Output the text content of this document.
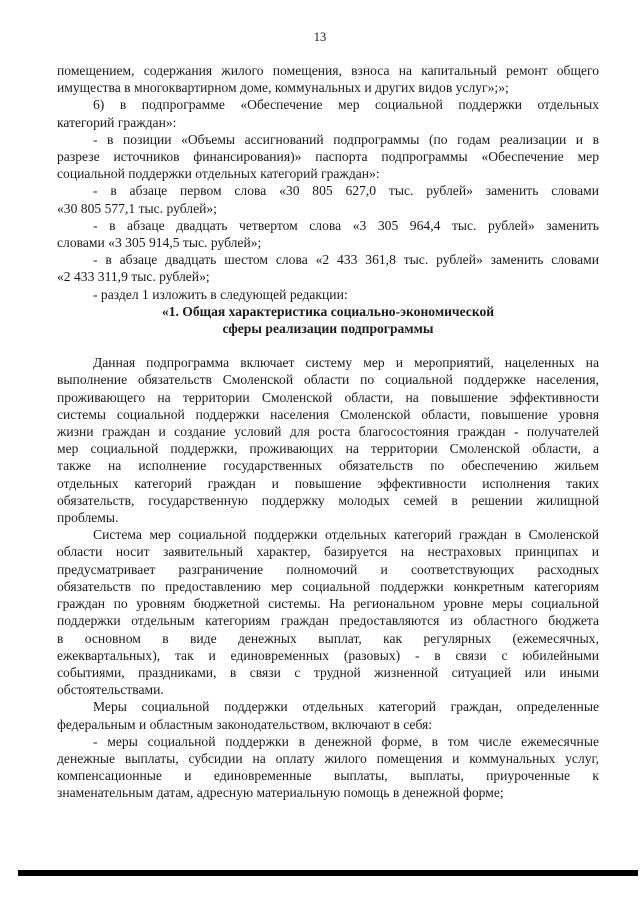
13
помещением, содержания жилого помещения, взноса на капитальный ремонт общего
имущества в многоквартирном доме, коммунальных и других видов услуг»;»;
6) в подпрограмме «Обеспечение мер социальной поддержки отдельных
категорий граждан»:
- в позиции «Объемы ассигнований подпрограммы (по годам реализации и в
разрезе источников финансирования)» паспорта подпрограммы «Обеспечение мер
социальной поддержки отдельных категорий граждан»:
- в абзаце первом слова «30 805 627,0 тыс. рублей» заменить словами
«30 805 577,1 тыс. рублей»;
- в абзаце двадцать четвертом слова «3 305 964,4 тыс. рублей» заменить
словами «3 305 914,5 тыс. рублей»;
- в абзаце двадцать шестом слова «2 433 361,8 тыс. рублей» заменить словами
«2 433 311,9 тыс. рублей»;
- раздел 1 изложить в следующей редакции:
«1. Общая характеристика социально-экономической
сферы реализации подпрограммы
Данная подпрограмма включает систему мер и мероприятий, нацеленных на
выполнение обязательств Смоленской области по социальной поддержке населения,
проживающего на территории Смоленской области, на повышение эффективности
системы социальной поддержки населения Смоленской области, повышение уровня
жизни граждан и создание условий для роста благосостояния граждан - получателей
мер социальной поддержки, проживающих на территории Смоленской области, а
также на исполнение государственных обязательств по обеспечению жильем
отдельных категорий граждан и повышение эффективности исполнения таких
обязательств, государственную поддержку молодых семей в решении жилищной
проблемы.
Система мер социальной поддержки отдельных категорий граждан в Смоленской
области носит заявительный характер, базируется на нестраховых принципах и
предусматривает разграничение полномочий и соответствующих расходных
обязательств по предоставлению мер социальной поддержки конкретным категориям
граждан по уровням бюджетной системы. На региональном уровне меры социальной
поддержки отдельным категориям граждан предоставляются из областного бюджета
в основном в виде денежных выплат, как регулярных (ежемесячных,
ежеквартальных), так и единовременных (разовых) - в связи с юбилейными
событиями, праздниками, в связи с трудной жизненной ситуацией или иными
обстоятельствами.
Меры социальной поддержки отдельных категорий граждан, определенные
федеральным и областным законодательством, включают в себя:
- меры социальной поддержки в денежной форме, в том числе ежемесячные
денежные выплаты, субсидии на оплату жилого помещения и коммунальных услуг,
компенсационные и единовременные выплаты, выплаты, приуроченные к
знаменательным датам, адресную материальную помощь в денежной форме;
